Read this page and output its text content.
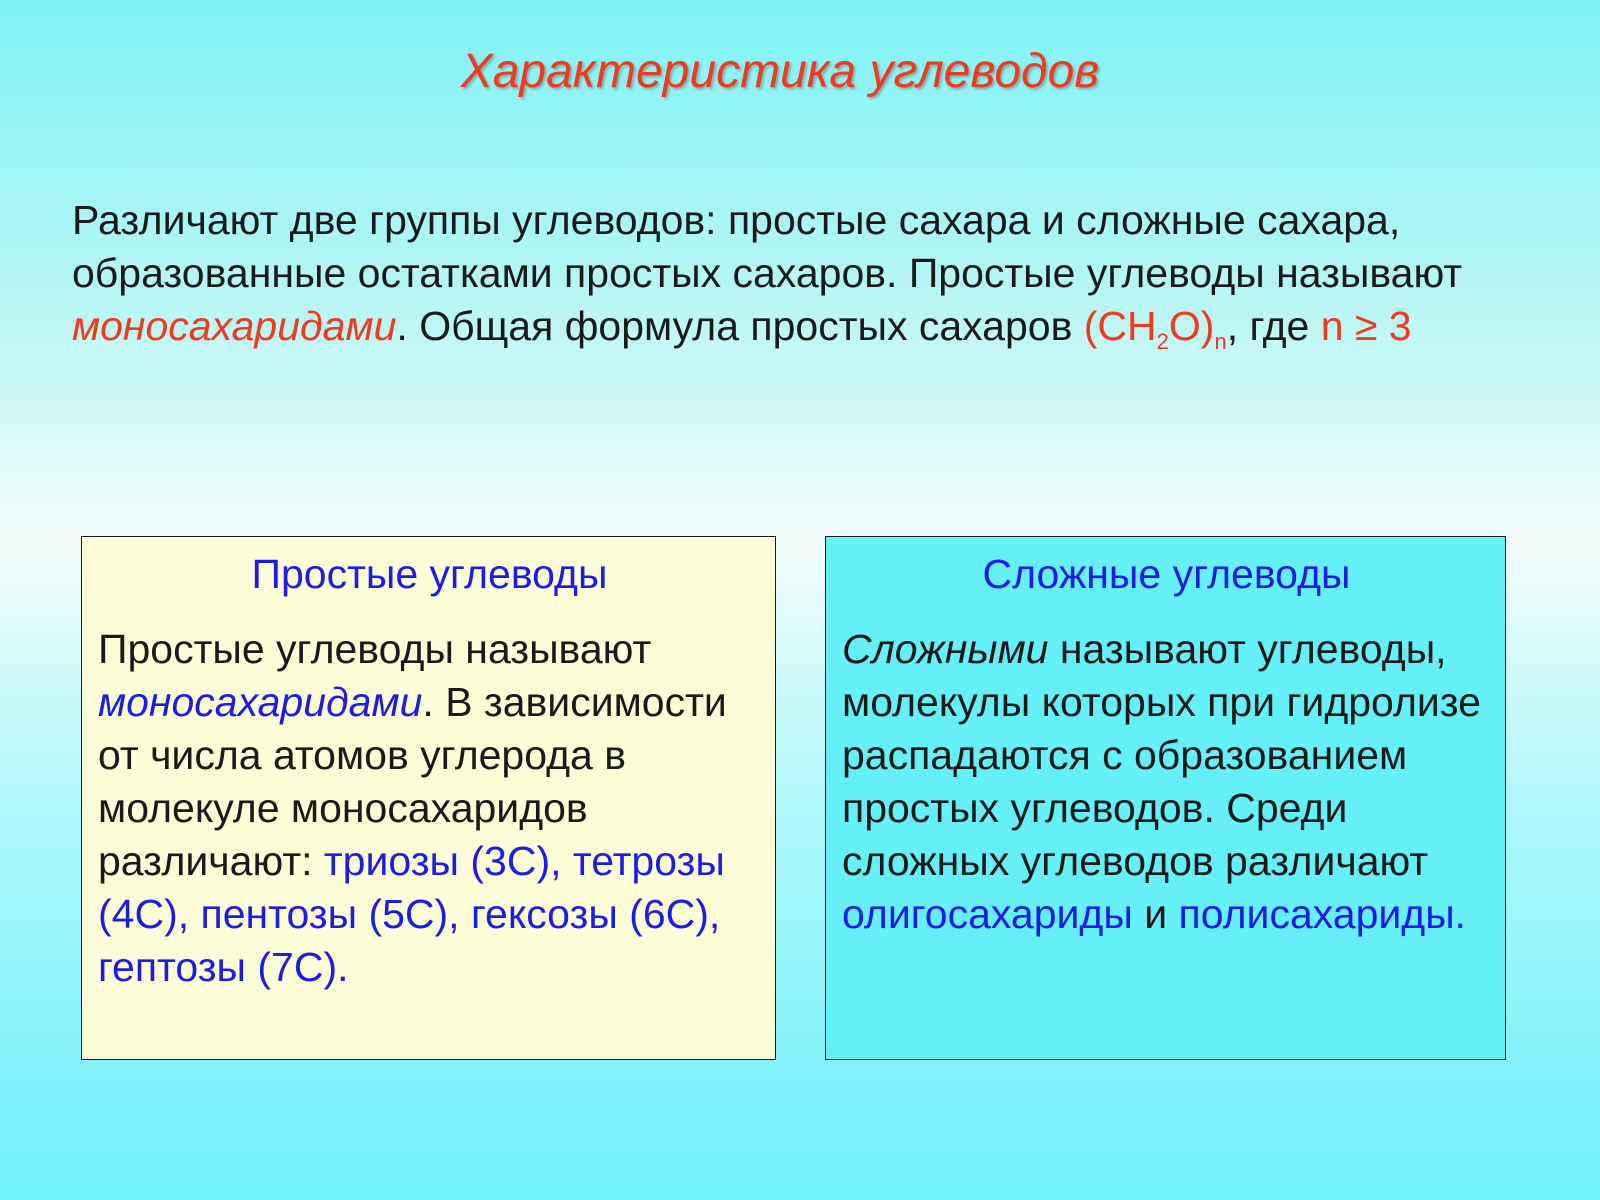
Характеристика углеводов
Различают две группы углеводов: простые сахара и сложные сахара, образованные остатками простых сахаров. Простые углеводы называют моносахаридами. Общая формула простых сахаров $(CH_2O)_n$, где n ≥ 3
Простые углеводы
Простые углеводы называют моносахаридами. В зависимости от числа атомов углерода в молекуле моносахаридов различают: триозы (3С), тетрозы (4С), пентозы (5С), гексозы (6С), гептозы (7С).
Сложные углеводы
Сложными называют углеводы, молекулы которых при гидролизе распадаются с образованием простых углеводов. Среди сложных углеводов различают олигосахариды и полисахариды.
